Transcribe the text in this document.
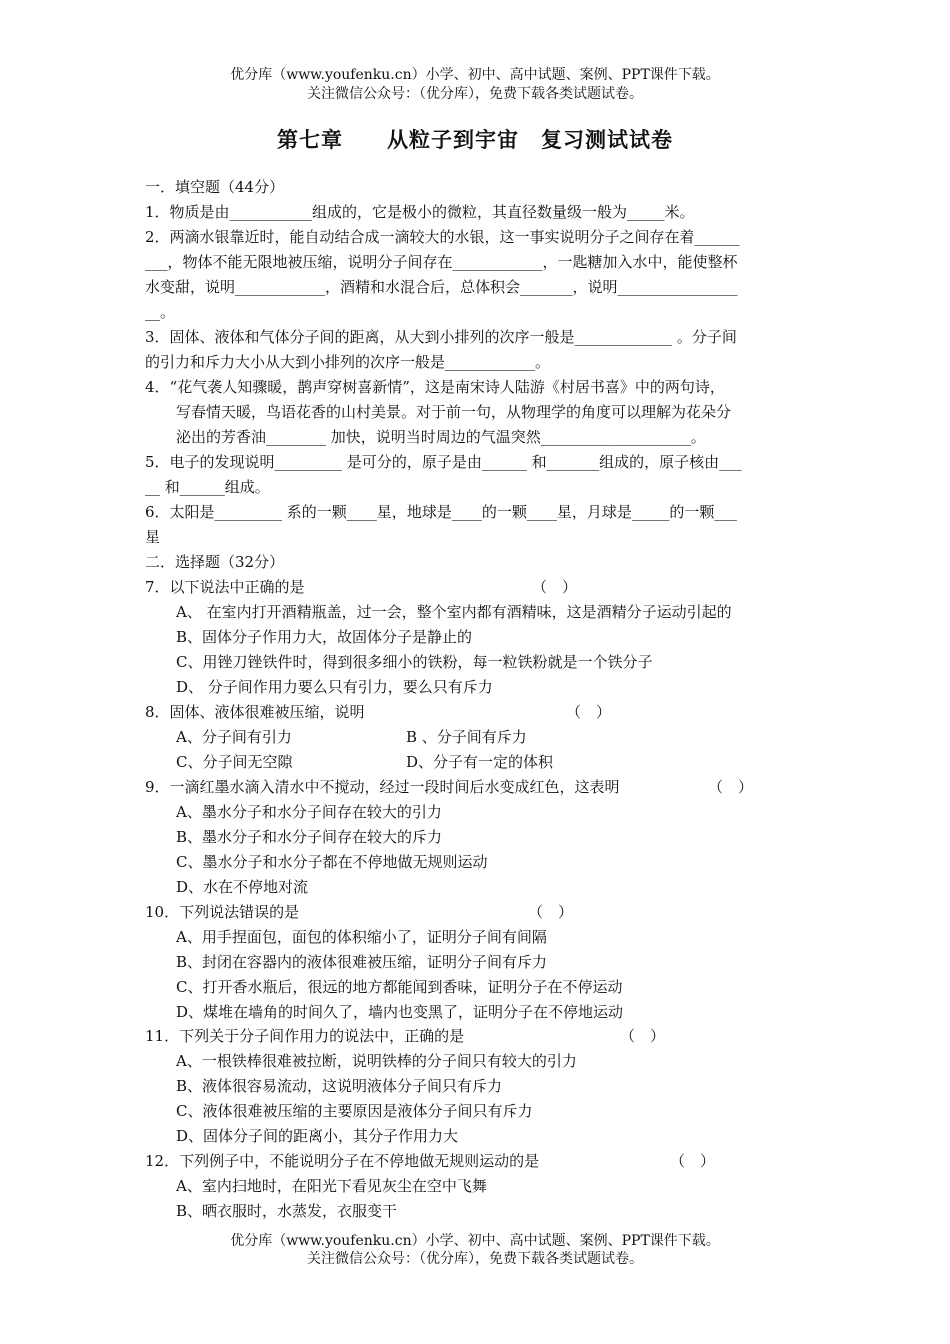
优分库（www.youfenku.cn）小学、初中、高中试题、案例、PPT课件下载。
关注微信公众号：（优分库），免费下载各类试题试卷。
第七章　　从粒子到宇宙　复习测试试卷
一．填空题（44分）
1．物质是由___________组成的，它是极小的微粒，其直径数量级一般为_____米。
2．两滴水银靠近时，能自动结合成一滴较大的水银，这一事实说明分子之间存在着______
___，物体不能无限地被压缩，说明分子间存在____________，一匙糖加入水中，能使整杯
水变甜，说明____________，酒精和水混合后，总体积会_______，说明________________
__。
3．固体、液体和气体分子间的距离，从大到小排列的次序一般是_____________ 。分子间
的引力和斥力大小从大到小排列的次序一般是____________。
4．“花气袭人知骤暖，鹊声穿树喜新情”，这是南宋诗人陆游《村居书喜》中的两句诗，
写春情天暖，鸟语花香的山村美景。对于前一句，从物理学的角度可以理解为花朵分
泌出的芳香油________ 加快，说明当时周边的气温突然____________________。
5．电子的发现说明_________ 是可分的，原子是由______ 和_______组成的，原子核由___
__ 和______组成。
6．太阳是_________ 系的一颗____星，地球是____的一颗____星，月球是_____的一颗___
星
二．选择题（32分）
7．以下说法中正确的是	（　）
A、 在室内打开酒精瓶盖，过一会，整个室内都有酒精味，这是酒精分子运动引起的
B、固体分子作用力大，故固体分子是静止的
C、用锉刀锉铁件时，得到很多细小的铁粉，每一粒铁粉就是一个铁分子
D、 分子间作用力要么只有引力，要么只有斥力
8．固体、液体很难被压缩，说明	（　）
A、分子间有引力	B 、分子间有斥力
C、分子间无空隙	D、分子有一定的体积
9．一滴红墨水滴入清水中不搅动，经过一段时间后水变成红色，这表明	（　）
A、墨水分子和水分子间存在较大的引力
B、墨水分子和水分子间存在较大的斥力
C、墨水分子和水分子都在不停地做无规则运动
D、水在不停地对流
10．下列说法错误的是	（　）
A、用手捏面包，面包的体积缩小了，证明分子间有间隔
B、封闭在容器内的液体很难被压缩，证明分子间有斥力
C、打开香水瓶后，很远的地方都能闻到香味，证明分子在不停运动
D、煤堆在墙角的时间久了，墙内也变黑了，证明分子在不停地运动
11．下列关于分子间作用力的说法中，正确的是	（　）
A、一根铁棒很难被拉断，说明铁棒的分子间只有较大的引力
B、液体很容易流动，这说明液体分子间只有斥力
C、液体很难被压缩的主要原因是液体分子间只有斥力
D、固体分子间的距离小，其分子作用力大
12．下列例子中，不能说明分子在不停地做无规则运动的是	（　）
A、室内扫地时，在阳光下看见灰尘在空中飞舞
B、晒衣服时，水蒸发，衣服变干
优分库（www.youfenku.cn）小学、初中、高中试题、案例、PPT课件下载。
关注微信公众号：（优分库），免费下载各类试题试卷。
